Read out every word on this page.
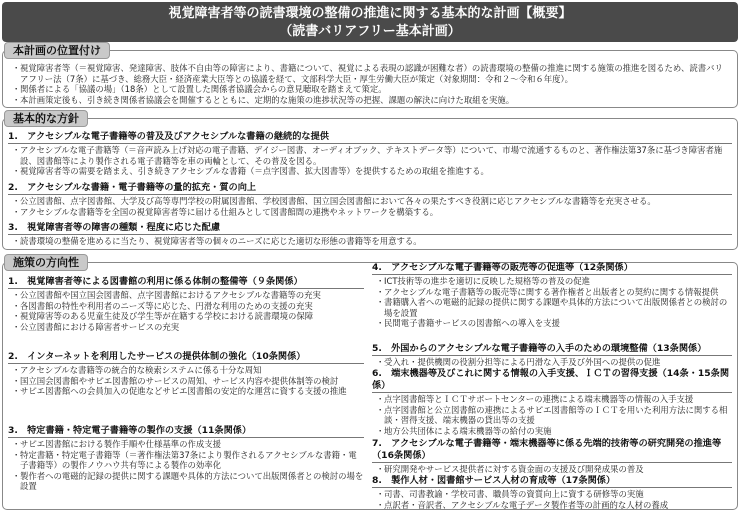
視覚障害者等の読書環境の整備の推進に関する基本的な計画【概要】
（読書バリアフリー基本計画）
本計画の位置付け
・ 視覚障害者等（＝視覚障害、発達障害、肢体不自由等の障害により、書籍について、視覚による表現の認識が困難な者）の読書環境の整備の推進に関する施策の推進を図るため、読書バリアフリー法（7条）に基づき、総務大臣・経済産業大臣等との協議を経て、文部科学大臣・厚生労働大臣が策定（対象期間：令和２〜令和６年度）。
・ 関係者による「協議の場」（18条）として設置した関係者協議会からの意見聴取を踏まえて策定。
・ 本計画策定後も、引き続き関係者協議会を開催するとともに、定期的な施策の進捗状況等の把握、課題の解決に向けた取組を実施。
基本的な方針
1.　アクセシブルな電子書籍等の普及及びアクセシブルな書籍の継続的な提供
・ アクセシブルな電子書籍等（＝音声読み上げ対応の電子書籍、デイジー図書、オーディオブック、テキストデータ等）について、市場で流通するものと、著作権法第37条に基づき障害者施設、図書館等により製作される電子書籍等を車の両輪として、その普及を図る。
・ 視覚障害者等の需要を踏まえ、引き続きアクセシブルな書籍（＝点字図書、拡大図書等）を提供するための取組を推進する。
2.　アクセシブルな書籍・電子書籍等の量的拡充・質の向上
・ 公立図書館、点字図書館、大学及び高等専門学校の附属図書館、学校図書館、国立国会図書館において各々の果たすべき役割に応じアクセシブルな書籍等を充実させる。
・ アクセシブルな書籍等を全国の視覚障害者等に届ける仕組みとして図書館間の連携やネットワークを構築する。
3.　視覚障害者等の障害の種類・程度に応じた配慮
・ 読書環境の整備を進めるに当たり、視覚障害者等の個々のニーズに応じた適切な形態の書籍等を用意する。
施策の方向性
1.　視覚障害者等による図書館の利用に係る体制の整備等（９条関係）
・ 公立図書館や国立国会図書館、点字図書館におけるアクセシブルな書籍等の充実
・ 各図書館の特性や利用者のニーズ等に応じた、円滑な利用のための支援の充実
・ 視覚障害等のある児童生徒及び学生等が在籍する学校における読書環境の保障
・ 公立図書館における障害者サービスの充実
2.　インターネットを利用したサービスの提供体制の強化（10条関係）
・ アクセシブルな書籍等の統合的な検索システムに係る十分な周知
・ 国立国会図書館やサピエ図書館のサービスの周知、サービス内容や提供体制等の検討
・ サピエ図書館への会員加入の促進などサピエ図書館の安定的な運営に資する支援の推進
3.　特定書籍・特定電子書籍等の製作の支援（11条関係）
・ サピエ図書館における製作手順や仕様基準の作成支援
・ 特定書籍・特定電子書籍等（＝著作権法第37条により製作されるアクセシブルな書籍・電子書籍等）の製作ノウハウ共有等による製作の効率化
・ 製作者への電磁的記録の提供に関する課題や具体的方法について出版関係者との検討の場を設置
4.　アクセシブルな電子書籍等の販売等の促進等（12条関係）
・ ICT技術等の進歩を適切に反映した規格等の普及の促進
・ アクセシブルな電子書籍等の販売等に関する著作権者と出版者との契約に関する情報提供
・ 書籍購入者への電磁的記録の提供に関する課題や具体的方法について出版関係者との検討の場を設置
・ 民間電子書籍サービスの図書館への導入を支援
5.　外国からのアクセシブルな電子書籍等の入手のための環境整備（13条関係）
・ 受入れ・提供機関の役割分担等による円滑な入手及び外国への提供の促進
6.　端末機器等及びこれに関する情報の入手支援、ＩＣＴの習得支援（14条・15条関係）
・ 点字図書館等とＩＣＴサポートセンターの連携による端末機器等の情報の入手支援
・ 点字図書館と公立図書館の連携によるサピエ図書館等のＩＣＴを用いた利用方法に関する相談・習得支援、端末機器の貸出等の支援
・ 地方公共団体による端末機器等の給付の実施
7.　アクセシブルな電子書籍等・端末機器等に係る先端的技術等の研究開発の推進等（16条関係）
・ 研究開発やサービス提供者に対する資金面の支援及び開発成果の普及
8.　製作人材・図書館サービス人材の育成等（17条関係）
・ 司書、司書教諭・学校司書、職員等の資質向上に資する研修等の実施
・ 点訳者・音訳者、アクセシブルな電子データ製作者等の計画的な人材の養成
